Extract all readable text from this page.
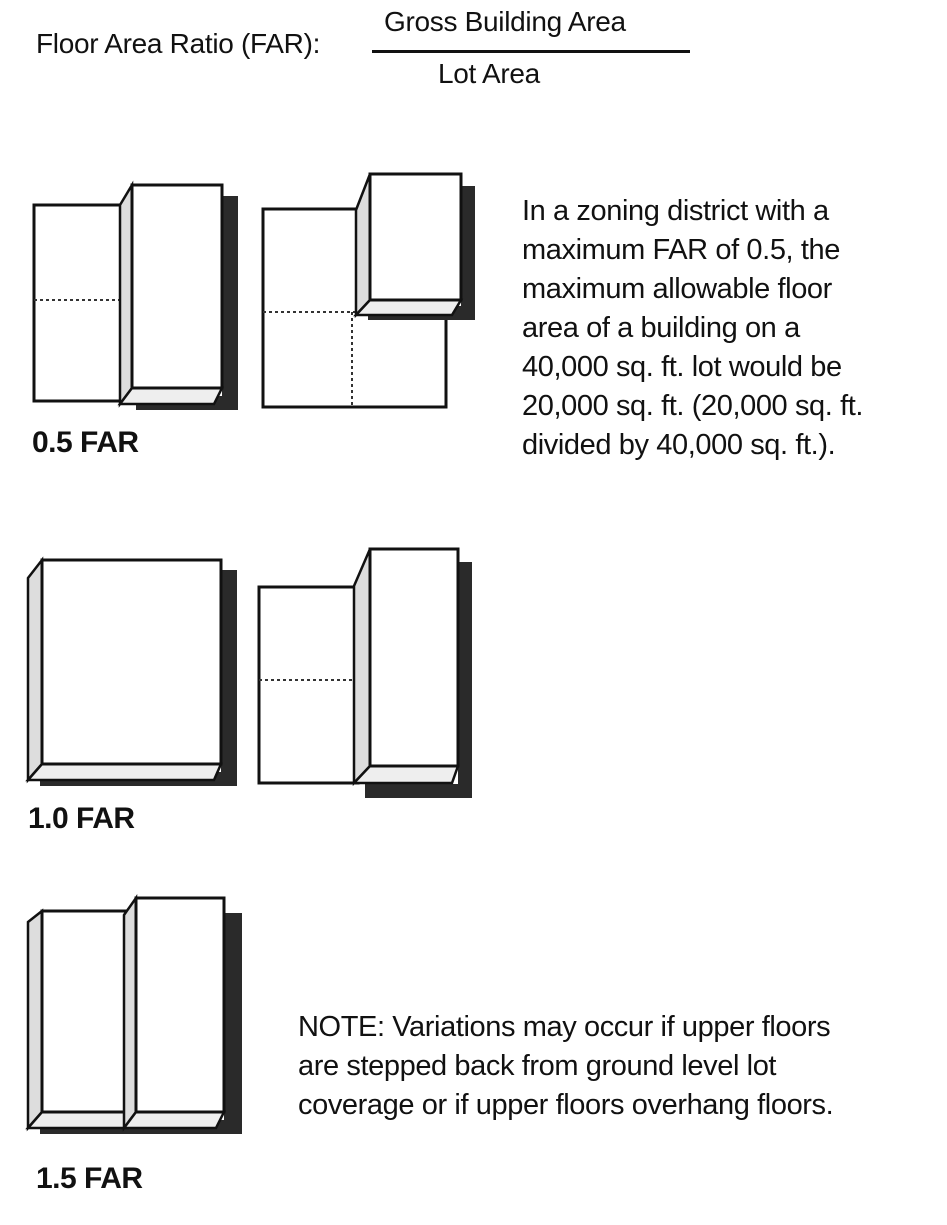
Floor Area Ratio (FAR):
Gross Building Area
Lot Area
0.5 FAR
1.0 FAR
1.5 FAR
In a zoning district with a
maximum FAR of 0.5, the
maximum allowable floor
area of a building on a
40,000 sq. ft. lot would be
20,000 sq. ft. (20,000 sq. ft.
divided by 40,000 sq. ft.).
NOTE: Variations may occur if upper floors
are stepped back from ground level lot
coverage or if upper floors overhang floors.
